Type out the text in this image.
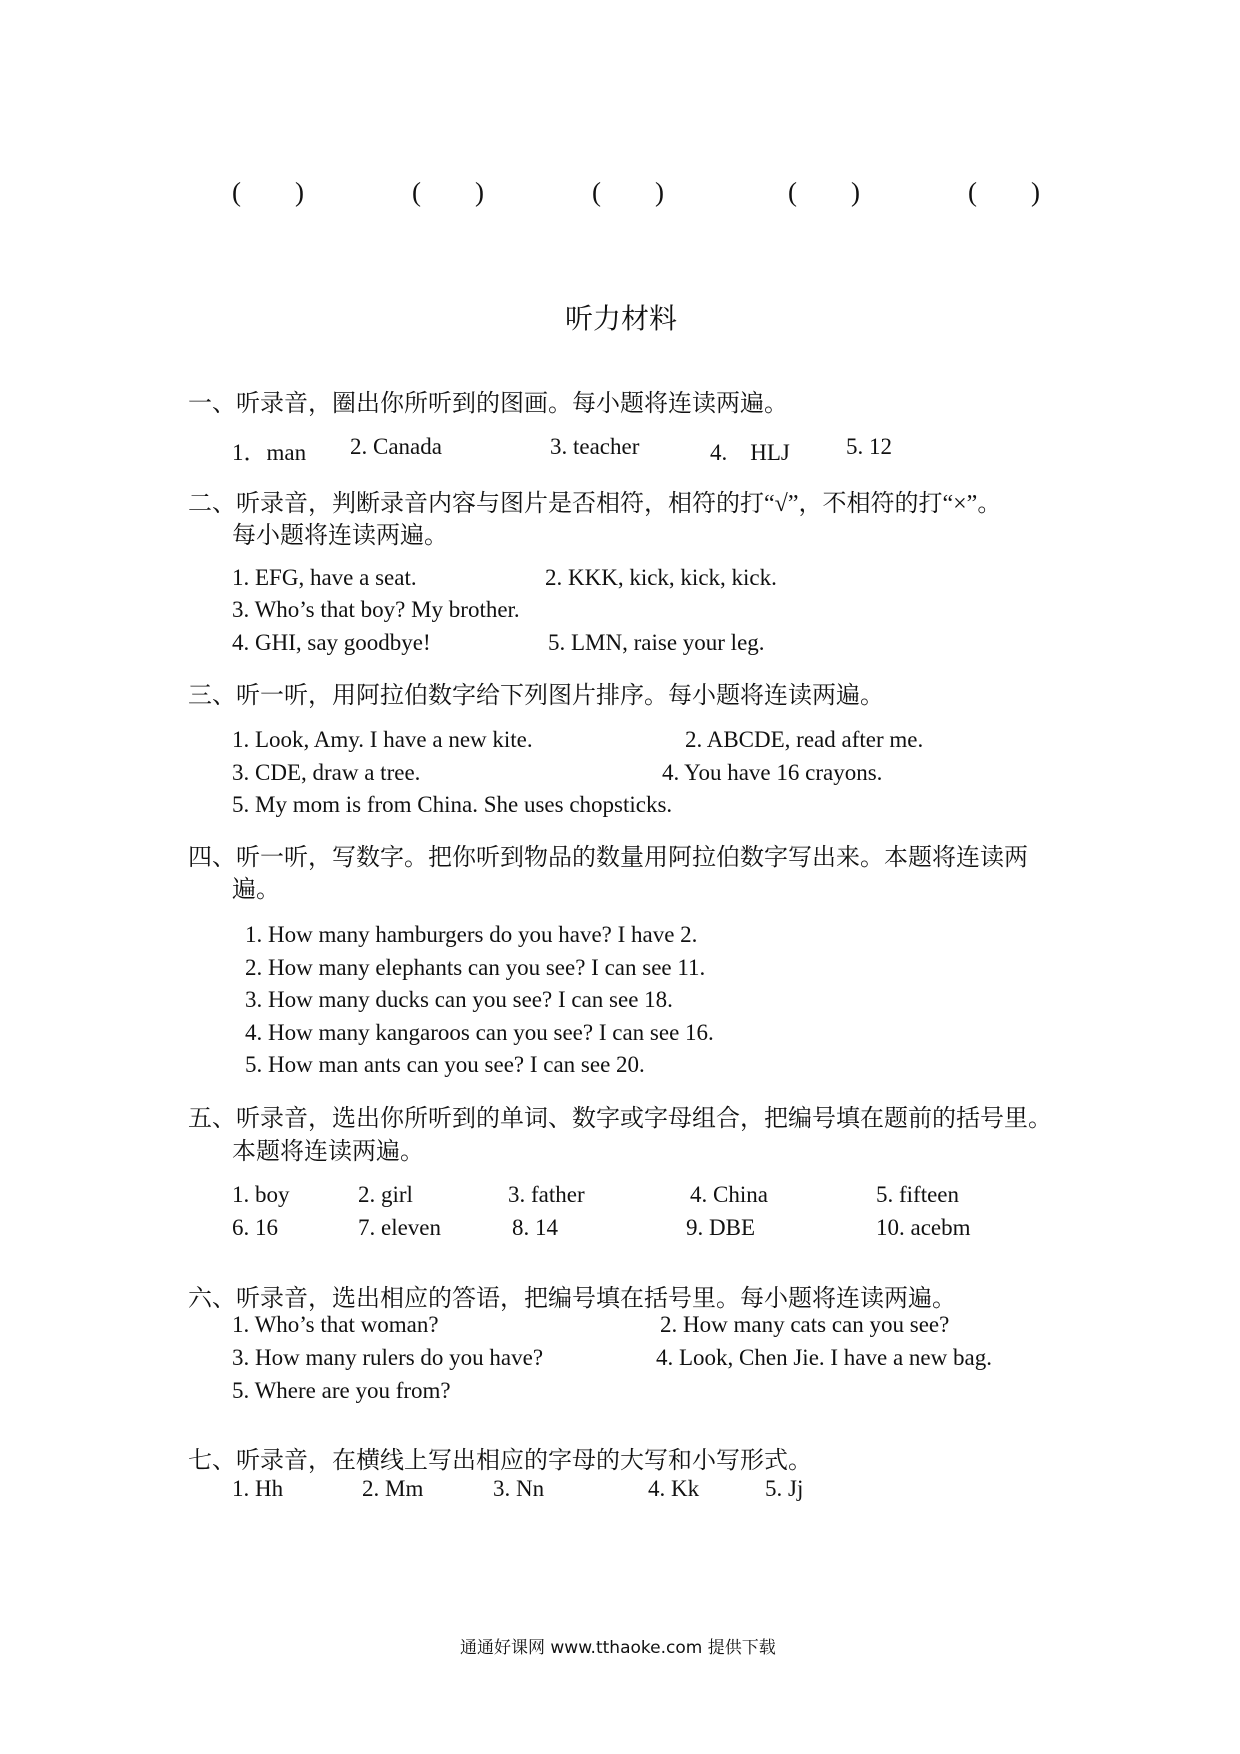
(　　)	(　　)	(　　)	(　　)	(　　)
听力材料
一、听录音，圈出你所听到的图画。每小题将连读两遍。
1．man 2. Canada	3. teacher	4.　HLJ 5. 12
二、听录音，判断录音内容与图片是否相符，相符的打“√”，不相符的打“×”。
每小题将连读两遍。
1. EFG, have a seat.	2. KKK, kick, kick, kick.
3. Who’s that boy? My brother.
4. GHI, say goodbye!	5. LMN, raise your leg.
三、听一听，用阿拉伯数字给下列图片排序。每小题将连读两遍。
1. Look, Amy. I have a new kite.	2. ABCDE, read after me.
3. CDE, draw a tree.	4. You have 16 crayons.
5. My mom is from China. She uses chopsticks.
四、听一听，写数字。把你听到物品的数量用阿拉伯数字写出来。本题将连读两
遍。
1. How many hamburgers do you have? I have 2.
2. How many elephants can you see? I can see 11.
3. How many ducks can you see? I can see 18.
4. How many kangaroos can you see? I can see 16.
5. How man ants can you see? I can see 20.
五、听录音，选出你所听到的单词、数字或字母组合，把编号填在题前的括号里。
本题将连读两遍。
1. boy	2. girl	3. father	4. China	5. fifteen
6. 16	7. eleven	8. 14	9. DBE	10. acebm
六、听录音，选出相应的答语，把编号填在括号里。每小题将连读两遍。
1. Who’s that woman?	2. How many cats can you see?
3. How many rulers do you have?	4. Look, Chen Jie. I have a new bag.
5. Where are you from?
七、听录音，在横线上写出相应的字母的大写和小写形式。
1. Hh	2. Mm	3. Nn	4. Kk	5. Jj
通通好课网 www.tthaoke.com 提供下载
